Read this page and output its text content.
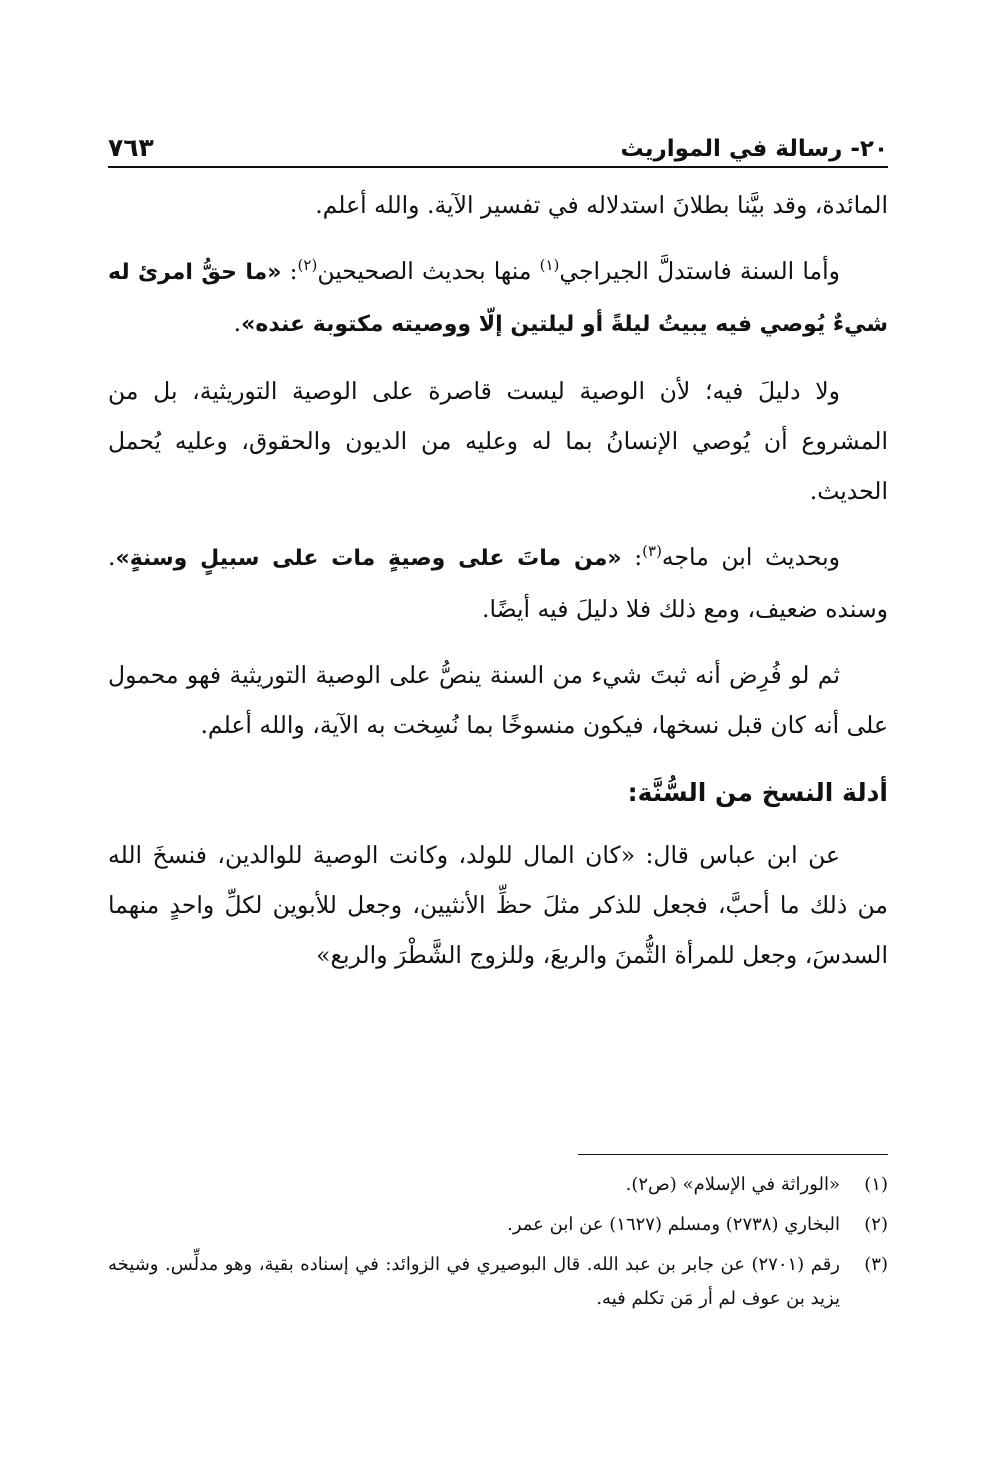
٢٠- رسالة في المواريث
٧٦٣

المائدة، وقد بيَّنا بطلانَ استدلاله في تفسير الآية. والله أعلم.

وأما السنة فاستدلَّ الجيراجي$^{(١)}$ منها بحديث الصحيحين$^{(٢)}$: «ما حقُّ امرئ له شيءٌ يُوصي فيه يبيتُ ليلةً أو ليلتين إلّا ووصيته مكتوبة عنده».

ولا دليلَ فيه؛ لأن الوصية ليست قاصرة على الوصية التوريثية، بل من المشروع أن يُوصي الإنسانُ بما له وعليه من الديون والحقوق، وعليه يُحمل الحديث.

وبحديث ابن ماجه$^{(٣)}$: «من ماتَ على وصيةٍ مات على سبيلٍ وسنةٍ». وسنده ضعيف، ومع ذلك فلا دليلَ فيه أيضًا.

ثم لو فُرِض أنه ثبتَ شيء من السنة ينصُّ على الوصية التوريثية فهو محمول على أنه كان قبل نسخها، فيكون منسوخًا بما نُسِخت به الآية، والله أعلم.

أدلة النسخ من السُّنَّة:

عن ابن عباس قال: «كان المال للولد، وكانت الوصية للوالدين، فنسخَ الله من ذلك ما أحبَّ، فجعل للذكر مثلَ حظِّ الأنثيين، وجعل للأبوين لكلِّ واحدٍ منهما السدسَ، وجعل للمرأة الثُّمنَ والربعَ، وللزوج الشَّطْرَ والربع»

(١)
«الوراثة في الإسلام» (ص٢).
(٢)
البخاري (٢٧٣٨) ومسلم (١٦٢٧) عن ابن عمر.
(٣)
رقم (٢٧٠١) عن جابر بن عبد الله. قال البوصيري في الزوائد: في إسناده بقية، وهو مدلِّس. وشيخه يزيد بن عوف لم أر مَن تكلم فيه.
